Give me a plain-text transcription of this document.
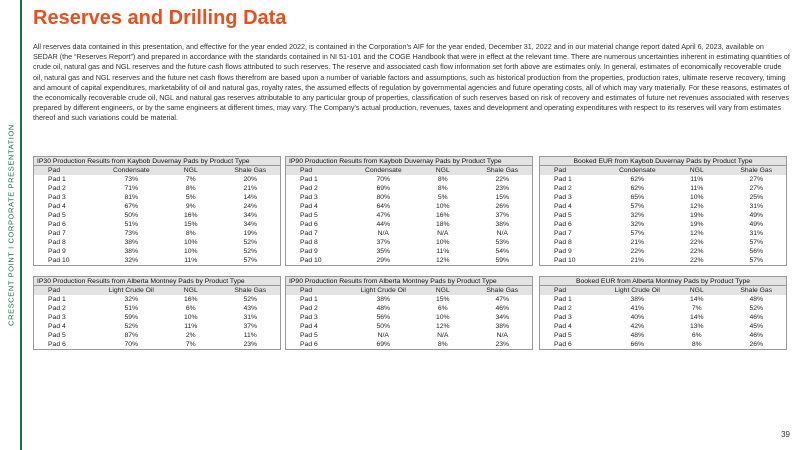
CRESCENT POINT I CORPORATE PRESENTATION
Reserves and Drilling Data
All reserves data contained in this presentation, and effective for the year ended 2022, is contained in the Corporation’s AIF for the year ended, December 31, 2022 and in our material change report dated April 6, 2023, available on SEDAR (the “Reserves Report”) and prepared in accordance with the standards contained in NI 51-101 and the COGE Handbook that were in effect at the relevant time. There are numerous uncertainties inherent in estimating quantities of crude oil, natural gas and NGL reserves and the future cash flows attributed to such reserves. The reserve and associated cash flow information set forth above are estimates only. In general, estimates of economically recoverable crude oil, natural gas and NGL reserves and the future net cash flows therefrom are based upon a number of variable factors and assumptions, such as historical production from the properties, production rates, ultimate reserve recovery, timing and amount of capital expenditures, marketability of oil and natural gas, royalty rates, the assumed effects of regulation by governmental agencies and future operating costs, all of which may vary materially. For these reasons, estimates of the economically recoverable crude oil, NGL and natural gas reserves attributable to any particular group of properties, classification of such reserves based on risk of recovery and estimates of future net revenues associated with reserves prepared by different engineers, or by the same engineers at different times, may vary. The Company's actual production, revenues, taxes and development and operating expenditures with respect to its reserves will vary from estimates thereof and such variations could be material.
IP30 Production Results from Kaybob Duvernay Pads by Product Type
Pad	Condensate	NGL	Shale Gas
Pad 1	73%	7%	20%
Pad 2	71%	8%	21%
Pad 3	81%	5%	14%
Pad 4	67%	9%	24%
Pad 5	50%	16%	34%
Pad 6	51%	15%	34%
Pad 7	73%	8%	19%
Pad 8	38%	10%	52%
Pad 9	38%	10%	52%
Pad 10	32%	11%	57%
IP90 Production Results from Kaybob Duvernay Pads by Product Type
Pad	Condensate	NGL	Shale Gas
Pad 1	70%	8%	22%
Pad 2	69%	8%	23%
Pad 3	80%	5%	15%
Pad 4	64%	10%	26%
Pad 5	47%	16%	37%
Pad 6	44%	18%	38%
Pad 7	N/A	N/A	N/A
Pad 8	37%	10%	53%
Pad 9	35%	11%	54%
Pad 10	29%	12%	59%
Booked EUR from Kaybob Duvernay Pads by Product Type
Pad	Condensate	NGL	Shale Gas
Pad 1	62%	11%	27%
Pad 2	62%	11%	27%
Pad 3	65%	10%	25%
Pad 4	57%	12%	31%
Pad 5	32%	19%	49%
Pad 6	32%	19%	49%
Pad 7	57%	12%	31%
Pad 8	21%	22%	57%
Pad 9	22%	22%	56%
Pad 10	21%	22%	57%
IP30 Production Results from Alberta Montney Pads by Product Type
Pad	Light Crude Oil	NGL	Shale Gas
Pad 1	32%	16%	52%
Pad 2	51%	6%	43%
Pad 3	59%	10%	31%
Pad 4	52%	11%	37%
Pad 5	87%	2%	11%
Pad 6	70%	7%	23%
IP90 Production Results from Alberta Montney Pads by Product Type
Pad	Light Crude Oil	NGL	Shale Gas
Pad 1	38%	15%	47%
Pad 2	48%	6%	46%
Pad 3	56%	10%	34%
Pad 4	50%	12%	38%
Pad 5	N/A	N/A	N/A
Pad 6	69%	8%	23%
Booked EUR from Alberta Montney Pads by Product Type
Pad	Light Crude Oil	NGL	Shale Gas
Pad 1	38%	14%	48%
Pad 2	41%	7%	52%
Pad 3	40%	14%	46%
Pad 4	42%	13%	45%
Pad 5	48%	6%	46%
Pad 6	66%	8%	26%
39
